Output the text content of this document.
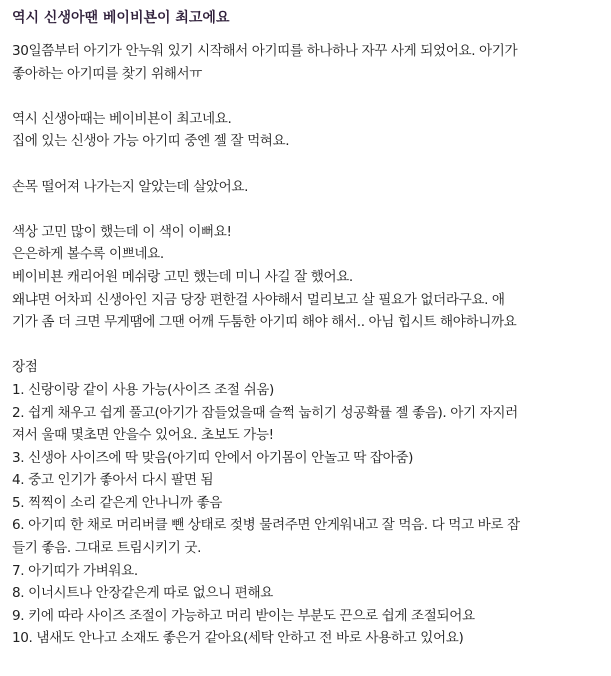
역시 신생아땐 베이비뵨이 최고에요

30일쯤부터 아기가 안누워 있기 시작해서 아기띠를 하나하나 자꾸 사게 되었어요. 아기가
좋아하는 아기띠를 찾기 위해서ㅠ

역시 신생아때는 베이비뵨이 최고네요.
집에 있는 신생아 가능 아기띠 중엔 젤 잘 먹혀요.

손목 떨어져 나가는지 알았는데 살았어요.

색상 고민 많이 했는데 이 색이 이뻐요!
은은하게 볼수록 이쁘네요.
베이비뵨 캐리어원 메쉬랑 고민 했는데 미니 사길 잘 했어요.
왜냐면 어차피 신생아인 지금 당장 편한걸 사야해서 멀리보고 살 필요가 없더라구요. 애
기가 좀 더 크면 무게땜에 그땐 어깨 두툼한 아기띠 해야 해서.. 아님 힙시트 해야하니까요

장점
1. 신랑이랑 같이 사용 가능(사이즈 조절 쉬움)
2. 쉽게 채우고 쉽게 풀고(아기가 잠들었을때 슬쩍 눕히기 성공확률 젤 좋음). 아기 자지러
져서 울때 몇초면 안을수 있어요. 초보도 가능!
3. 신생아 사이즈에 딱 맞음(아기띠 안에서 아기몸이 안놀고 딱 잡아줌)
4. 중고 인기가 좋아서 다시 팔면 됨
5. 찍찍이 소리 같은게 안나니까 좋음
6. 아기띠 한 채로 머리버클 뺀 상태로 젖병 물려주면 안게워내고 잘 먹음. 다 먹고 바로 잠
들기 좋음. 그대로 트림시키기 굿.
7. 아기띠가 가벼워요.
8. 이너시트나 안장같은게 따로 없으니 편해요
9. 키에 따라 사이즈 조절이 가능하고 머리 받이는 부분도 끈으로 쉽게 조절되어요
10. 냄새도 안나고 소재도 좋은거 같아요(세탁 안하고 전 바로 사용하고 있어요)
